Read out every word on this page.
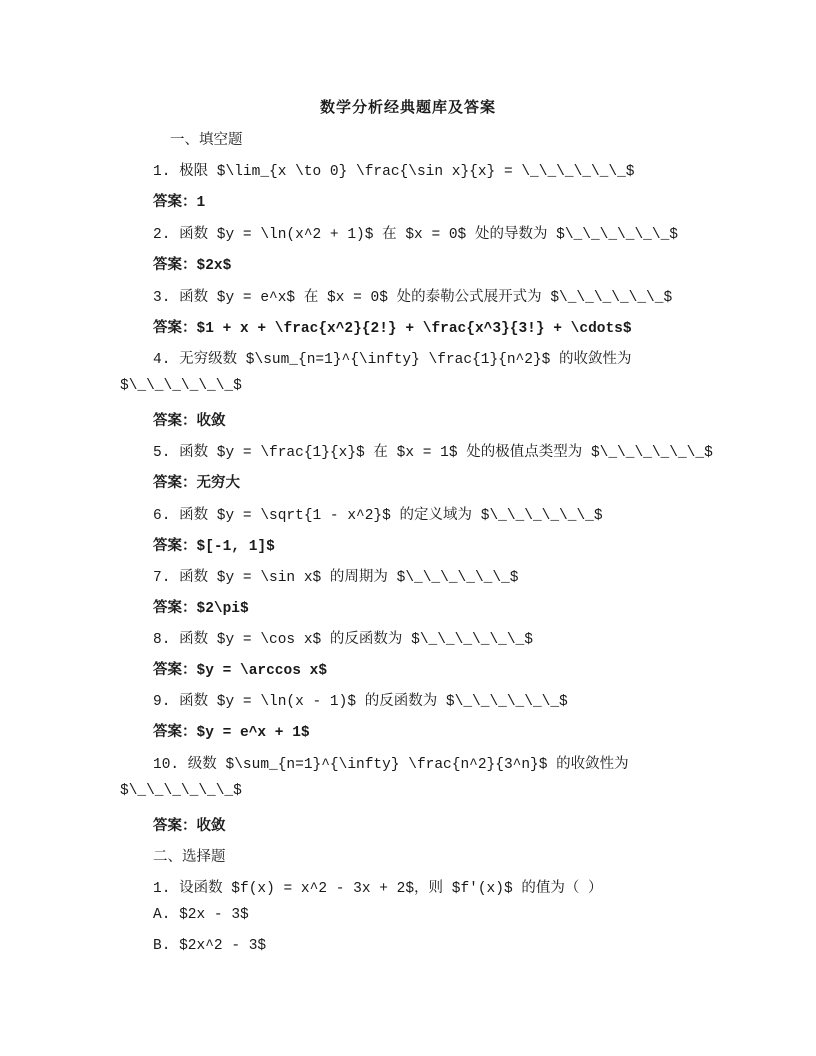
数学分析经典题库及答案
一、填空题
1. 极限 $\lim_{x \to 0} \frac{\sin x}{x} = \_\_\_\_\_\_$
答案：1
2. 函数 $y = \ln(x^2 + 1)$ 在 $x = 0$ 处的导数为 $\_\_\_\_\_\_$
答案：$2x$
3. 函数 $y = e^x$ 在 $x = 0$ 处的泰勒公式展开式为 $\_\_\_\_\_\_$
答案：$1 + x + \frac{x^2}{2!} + \frac{x^3}{3!} + \cdots$
4. 无穷级数 $\sum_{n=1}^{\infty} \frac{1}{n^2}$ 的收敛性为
$\_\_\_\_\_\_$
答案：收敛
5. 函数 $y = \frac{1}{x}$ 在 $x = 1$ 处的极值点类型为 $\_\_\_\_\_\_$
答案：无穷大
6. 函数 $y = \sqrt{1 - x^2}$ 的定义域为 $\_\_\_\_\_\_$
答案：$[-1, 1]$
7. 函数 $y = \sin x$ 的周期为 $\_\_\_\_\_\_$
答案：$2\pi$
8. 函数 $y = \cos x$ 的反函数为 $\_\_\_\_\_\_$
答案：$y = \arccos x$
9. 函数 $y = \ln(x - 1)$ 的反函数为 $\_\_\_\_\_\_$
答案：$y = e^x + 1$
10. 级数 $\sum_{n=1}^{\infty} \frac{n^2}{3^n}$ 的收敛性为
$\_\_\_\_\_\_$
答案：收敛
二、选择题
1. 设函数 $f(x) = x^2 - 3x + 2$，则 $f'(x)$ 的值为（ ）
A. $2x - 3$
B. $2x^2 - 3$
